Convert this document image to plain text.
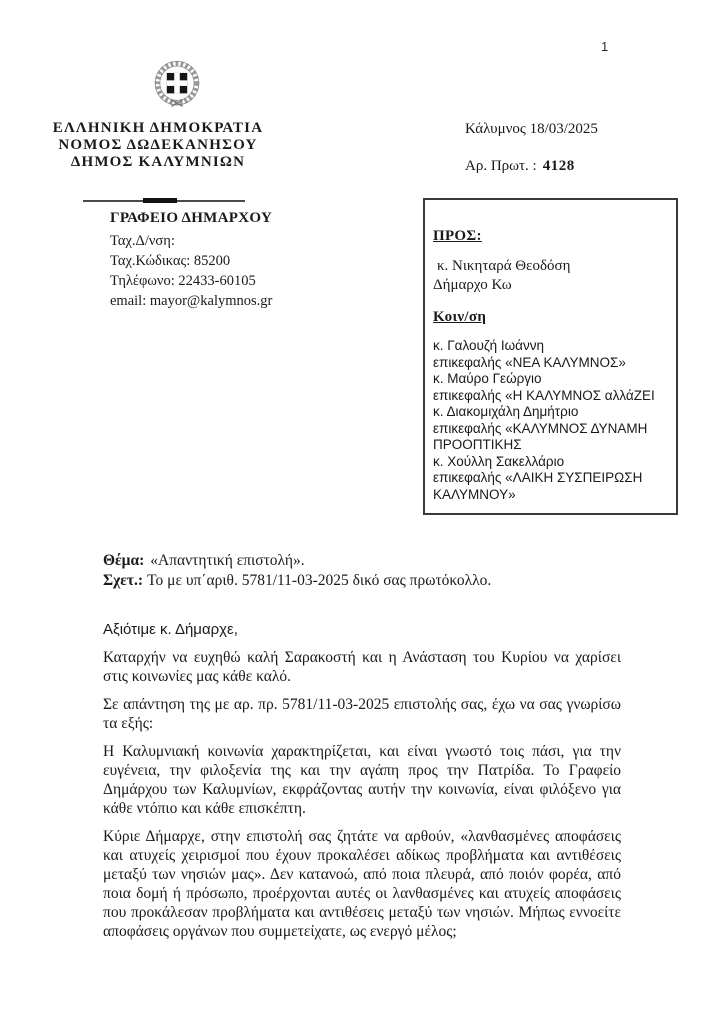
1
ΕΛΛΗΝΙΚΗ ΔΗΜΟΚΡΑΤΙΑ
ΝΟΜΟΣ ΔΩΔΕΚΑΝΗΣΟΥ
ΔΗΜΟΣ ΚΑΛΥΜΝΙΩΝ
Κάλυμνος 18/03/2025
Αρ. Πρωτ. : 4128
ΓΡΑΦΕΙΟ ΔΗΜΑΡΧΟΥ
Ταχ.Δ/νση:
Ταχ.Κώδικας: 85200
Τηλέφωνο: 22433-60105
email: mayor@kalymnos.gr
ΠΡΟΣ:
κ. Νικηταρά Θεοδόση
Δήμαρχο Κω
Κοιν/ση
κ. Γαλουζή Ιωάννη
επικεφαλής «ΝΕΑ ΚΑΛΥΜΝΟΣ»
κ. Μαύρο Γεώργιο
επικεφαλής «Η ΚΑΛΥΜΝΟΣ αλλάΖΕΙ
κ. Διακομιχάλη Δημήτριο
επικεφαλής «ΚΑΛΥΜΝΟΣ ΔΥΝΑΜΗ ΠΡΟΟΠΤΙΚΗΣ
κ. Χούλλη Σακελλάριο
επικεφαλής «ΛΑΙΚΗ ΣΥΣΠΕΙΡΩΣΗ ΚΑΛΥΜΝΟΥ»
Θέμα: «Απαντητική επιστολή».
Σχετ.: Το με υπ΄αριθ. 5781/11-03-2025 δικό σας πρωτόκολλο.
Αξιότιμε κ. Δήμαρχε,

Καταρχήν να ευχηθώ καλή Σαρακοστή και η Ανάσταση του Κυρίου να χαρίσει στις κοινωνίες μας κάθε καλό.

Σε απάντηση της με αρ. πρ. 5781/11-03-2025 επιστολής σας, έχω να σας γνωρίσω τα εξής:

Η Καλυμνιακή κοινωνία χαρακτηρίζεται, και είναι γνωστό τοις πάσι, για την ευγένεια, την φιλοξενία της και την αγάπη προς την Πατρίδα. Το Γραφείο Δημάρχου των Καλυμνίων, εκφράζοντας αυτήν την κοινωνία, είναι φιλόξενο για κάθε ντόπιο και κάθε επισκέπτη.

Κύριε Δήμαρχε, στην επιστολή σας ζητάτε να αρθούν, «λανθασμένες αποφάσεις και ατυχείς χειρισμοί που έχουν προκαλέσει αδίκως προβλήματα και αντιθέσεις μεταξύ των νησιών μας». Δεν κατανοώ, από ποια πλευρά, από ποιόν φορέα, από ποια δομή ή πρόσωπο, προέρχονται αυτές οι λανθασμένες και ατυχείς αποφάσεις που προκάλεσαν προβλήματα και αντιθέσεις μεταξύ των νησιών. Μήπως εννοείτε αποφάσεις οργάνων που συμμετείχατε, ως ενεργό μέλος;
